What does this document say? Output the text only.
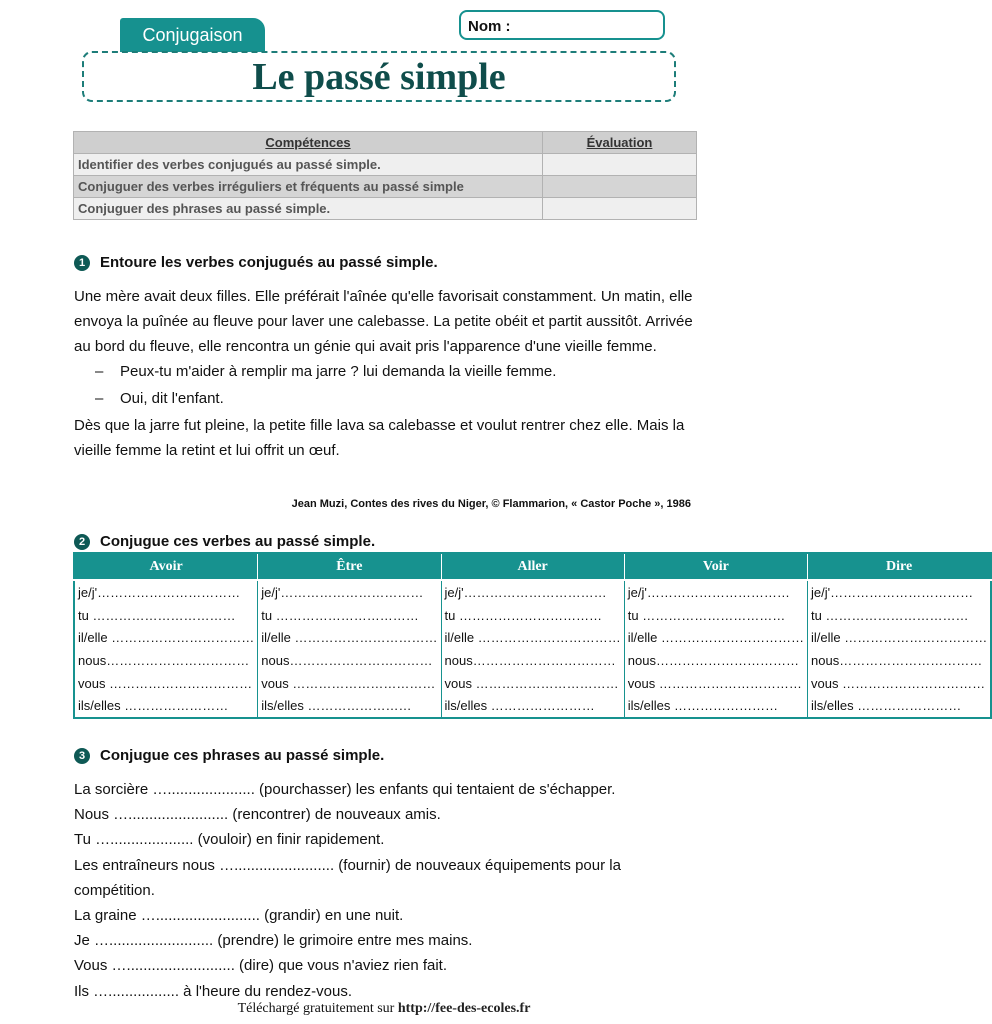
Conjugaison	Nom :
Le passé simple
Compétences	Évaluation
Identifier des verbes conjugués au passé simple.	
Conjuguer des verbes irréguliers et fréquents au passé simple	
Conjuguer des phrases au passé simple.	
1 Entoure les verbes conjugués au passé simple.
Une mère avait deux filles. Elle préférait l'aînée qu'elle favorisait constamment. Un matin, elle envoya la puînée au fleuve pour laver une calebasse. La petite obéit et partit aussitôt. Arrivée au bord du fleuve, elle rencontra un génie qui avait pris l'apparence d'une vieille femme.
– Peux-tu m'aider à remplir ma jarre ? lui demanda la vieille femme.
– Oui, dit l'enfant.
Dès que la jarre fut pleine, la petite fille lava sa calebasse et voulut rentrer chez elle. Mais la vieille femme la retint et lui offrit un œuf.
Jean Muzi, Contes des rives du Niger, © Flammarion, « Castor Poche », 1986
2 Conjugue ces verbes au passé simple.
Avoir	Être	Aller	Voir	Dire
je/j'……………………………	je/j'……………………………	je/j'……………………………	je/j'……………………………	je/j'……………………………
tu ……………………………	tu ……………………………	tu ……………………………	tu ……………………………	tu ……………………………
il/elle ……………………………	il/elle ……………………………	il/elle ……………………………	il/elle ……………………………	il/elle ……………………………
nous……………………………	nous……………………………	nous……………………………	nous……………………………	nous……………………………
vous ……………………………	vous ……………………………	vous ……………………………	vous ……………………………	vous ……………………………
ils/elles ……………………	ils/elles ……………………	ils/elles ……………………	ils/elles ……………………	ils/elles ……………………
3 Conjugue ces phrases au passé simple.
La sorcière …..................... (pourchasser) les enfants qui tentaient de s'échapper.
Nous …........................ (rencontrer) de nouveaux amis.
Tu ….................... (vouloir) en finir rapidement.
Les entraîneurs nous …........................ (fournir) de nouveaux équipements pour la compétition.
La graine …......................... (grandir) en une nuit.
Je …......................... (prendre) le grimoire entre mes mains.
Vous ….......................... (dire) que vous n'aviez rien fait.
Ils …................. à l'heure du rendez-vous.
Téléchargé gratuitement sur http://fee-des-ecoles.fr
